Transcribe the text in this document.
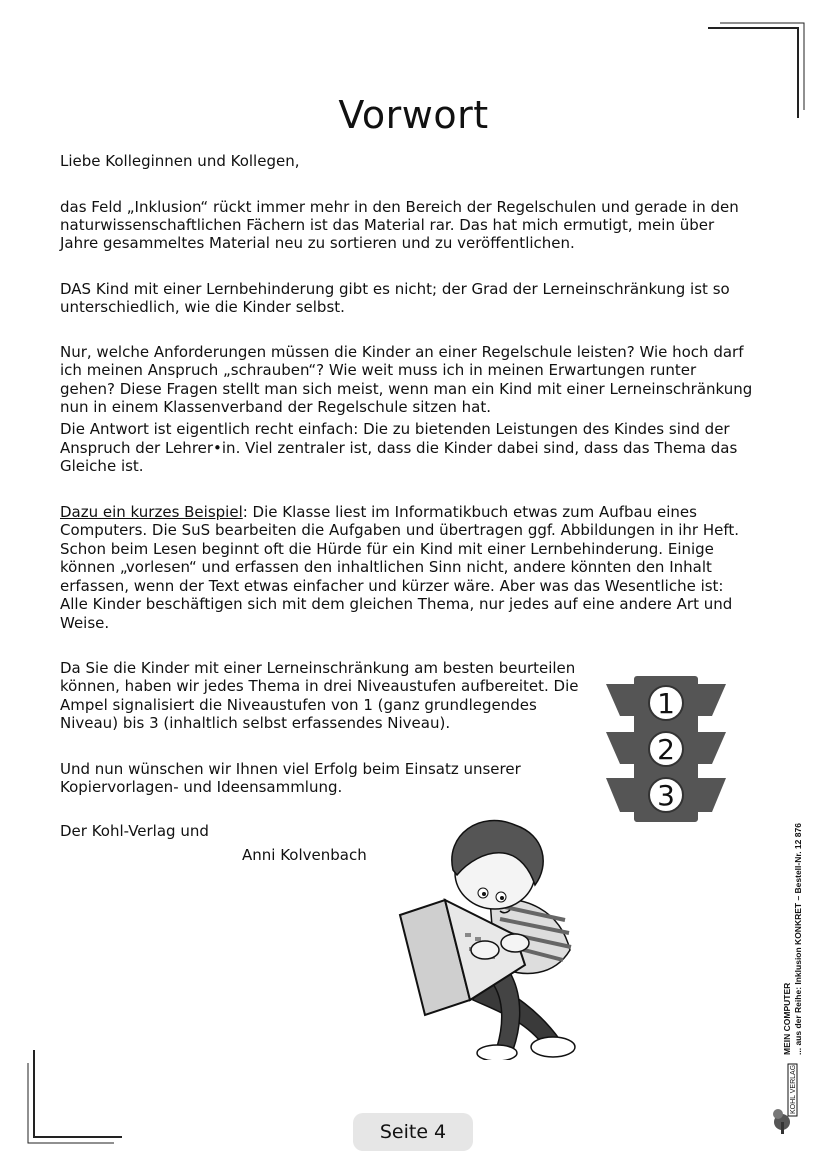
Vorwort

Liebe Kolleginnen und Kollegen,

das Feld „Inklusion“ rückt immer mehr in den Bereich der Regelschulen und gerade in den

naturwissenschaftlichen Fächern ist das Material rar. Das hat mich ermutigt, mein über

Jahre gesammeltes Material neu zu sortieren und zu veröffentlichen.

DAS Kind mit einer Lernbehinderung gibt es nicht; der Grad der Lerneinschränkung ist so

unterschiedlich, wie die Kinder selbst.

Nur, welche Anforderungen müssen die Kinder an einer Regelschule leisten? Wie hoch darf

ich meinen Anspruch „schrauben“? Wie weit muss ich in meinen Erwartungen runter

gehen? Diese Fragen stellt man sich meist, wenn man ein Kind mit einer Lerneinschränkung

nun in einem Klassenverband der Regelschule sitzen hat.

Die Antwort ist eigentlich recht einfach: Die zu bietenden Leistungen des Kindes sind der

Anspruch der Lehrer•in. Viel zentraler ist, dass die Kinder dabei sind, dass das Thema das

Gleiche ist.

Dazu ein kurzes Beispiel: Die Klasse liest im Informatikbuch etwas zum Aufbau eines

Computers. Die SuS bearbeiten die Aufgaben und übertragen ggf. Abbildungen in ihr Heft.

Schon beim Lesen beginnt oft die Hürde für ein Kind mit einer Lernbehinderung. Einige

können „vorlesen“ und erfassen den inhaltlichen Sinn nicht, andere könnten den Inhalt

erfassen, wenn der Text etwas einfacher und kürzer wäre. Aber was das Wesentliche ist:

Alle Kinder beschäftigen sich mit dem gleichen Thema, nur jedes auf eine andere Art und

Weise.

Da Sie die Kinder mit einer Lerneinschränkung am besten beurteilen

können, haben wir jedes Thema in drei Niveaustufen aufbereitet. Die

Ampel signalisiert die Niveaustufen von 1 (ganz grundlegendes

Niveau) bis 3 (inhaltlich selbst erfassendes Niveau).

Und nun wünschen wir Ihnen viel Erfolg beim Einsatz unserer

Kopiervorlagen- und Ideensammlung.

Der Kohl-Verlag und

Anni Kolvenbach

1
2
3
MEIN COMPUTER ... aus der Reihe: Inklusion KONKRET – Bestell-Nr. 12 876
KOHL VERLAG
Seite 4
